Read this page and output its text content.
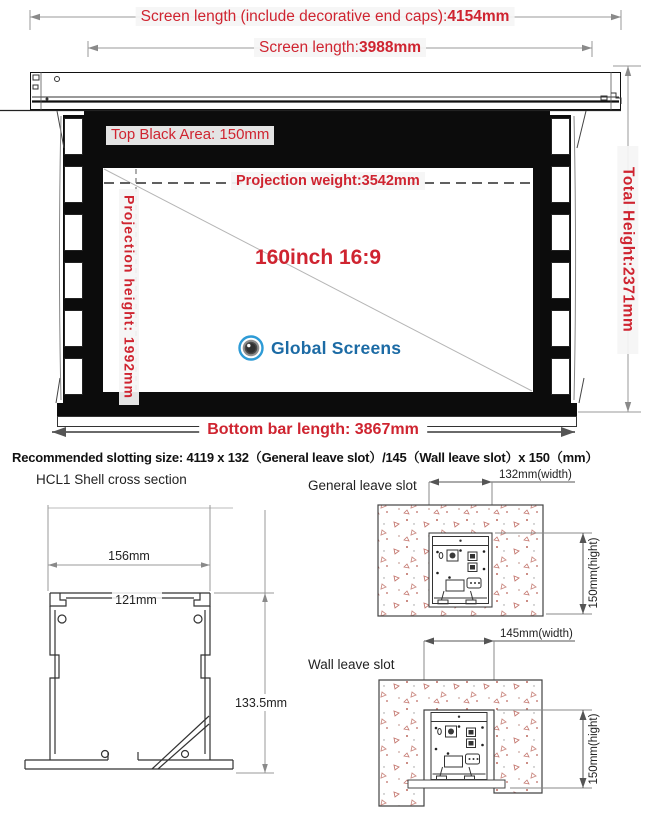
Screen length (include decorative end caps):4154mm
Screen length:3988mm
Top Black Area: 150mm
Projection weight:3542mm
Projection height: 1992mm	160inch 16:9
Global Screens
Total Height:2371mm
Bottom bar length: 3867mm
Recommended slotting size: 4119 x 132（General leave slot）/145（Wall leave slot）x 150（mm）
HCL1 Shell cross section
156mm
121mm
133.5mm
General leave slot
132mm(width)
150mm(hight)
145mm(width)
Wall leave slot
150mm(hight)
